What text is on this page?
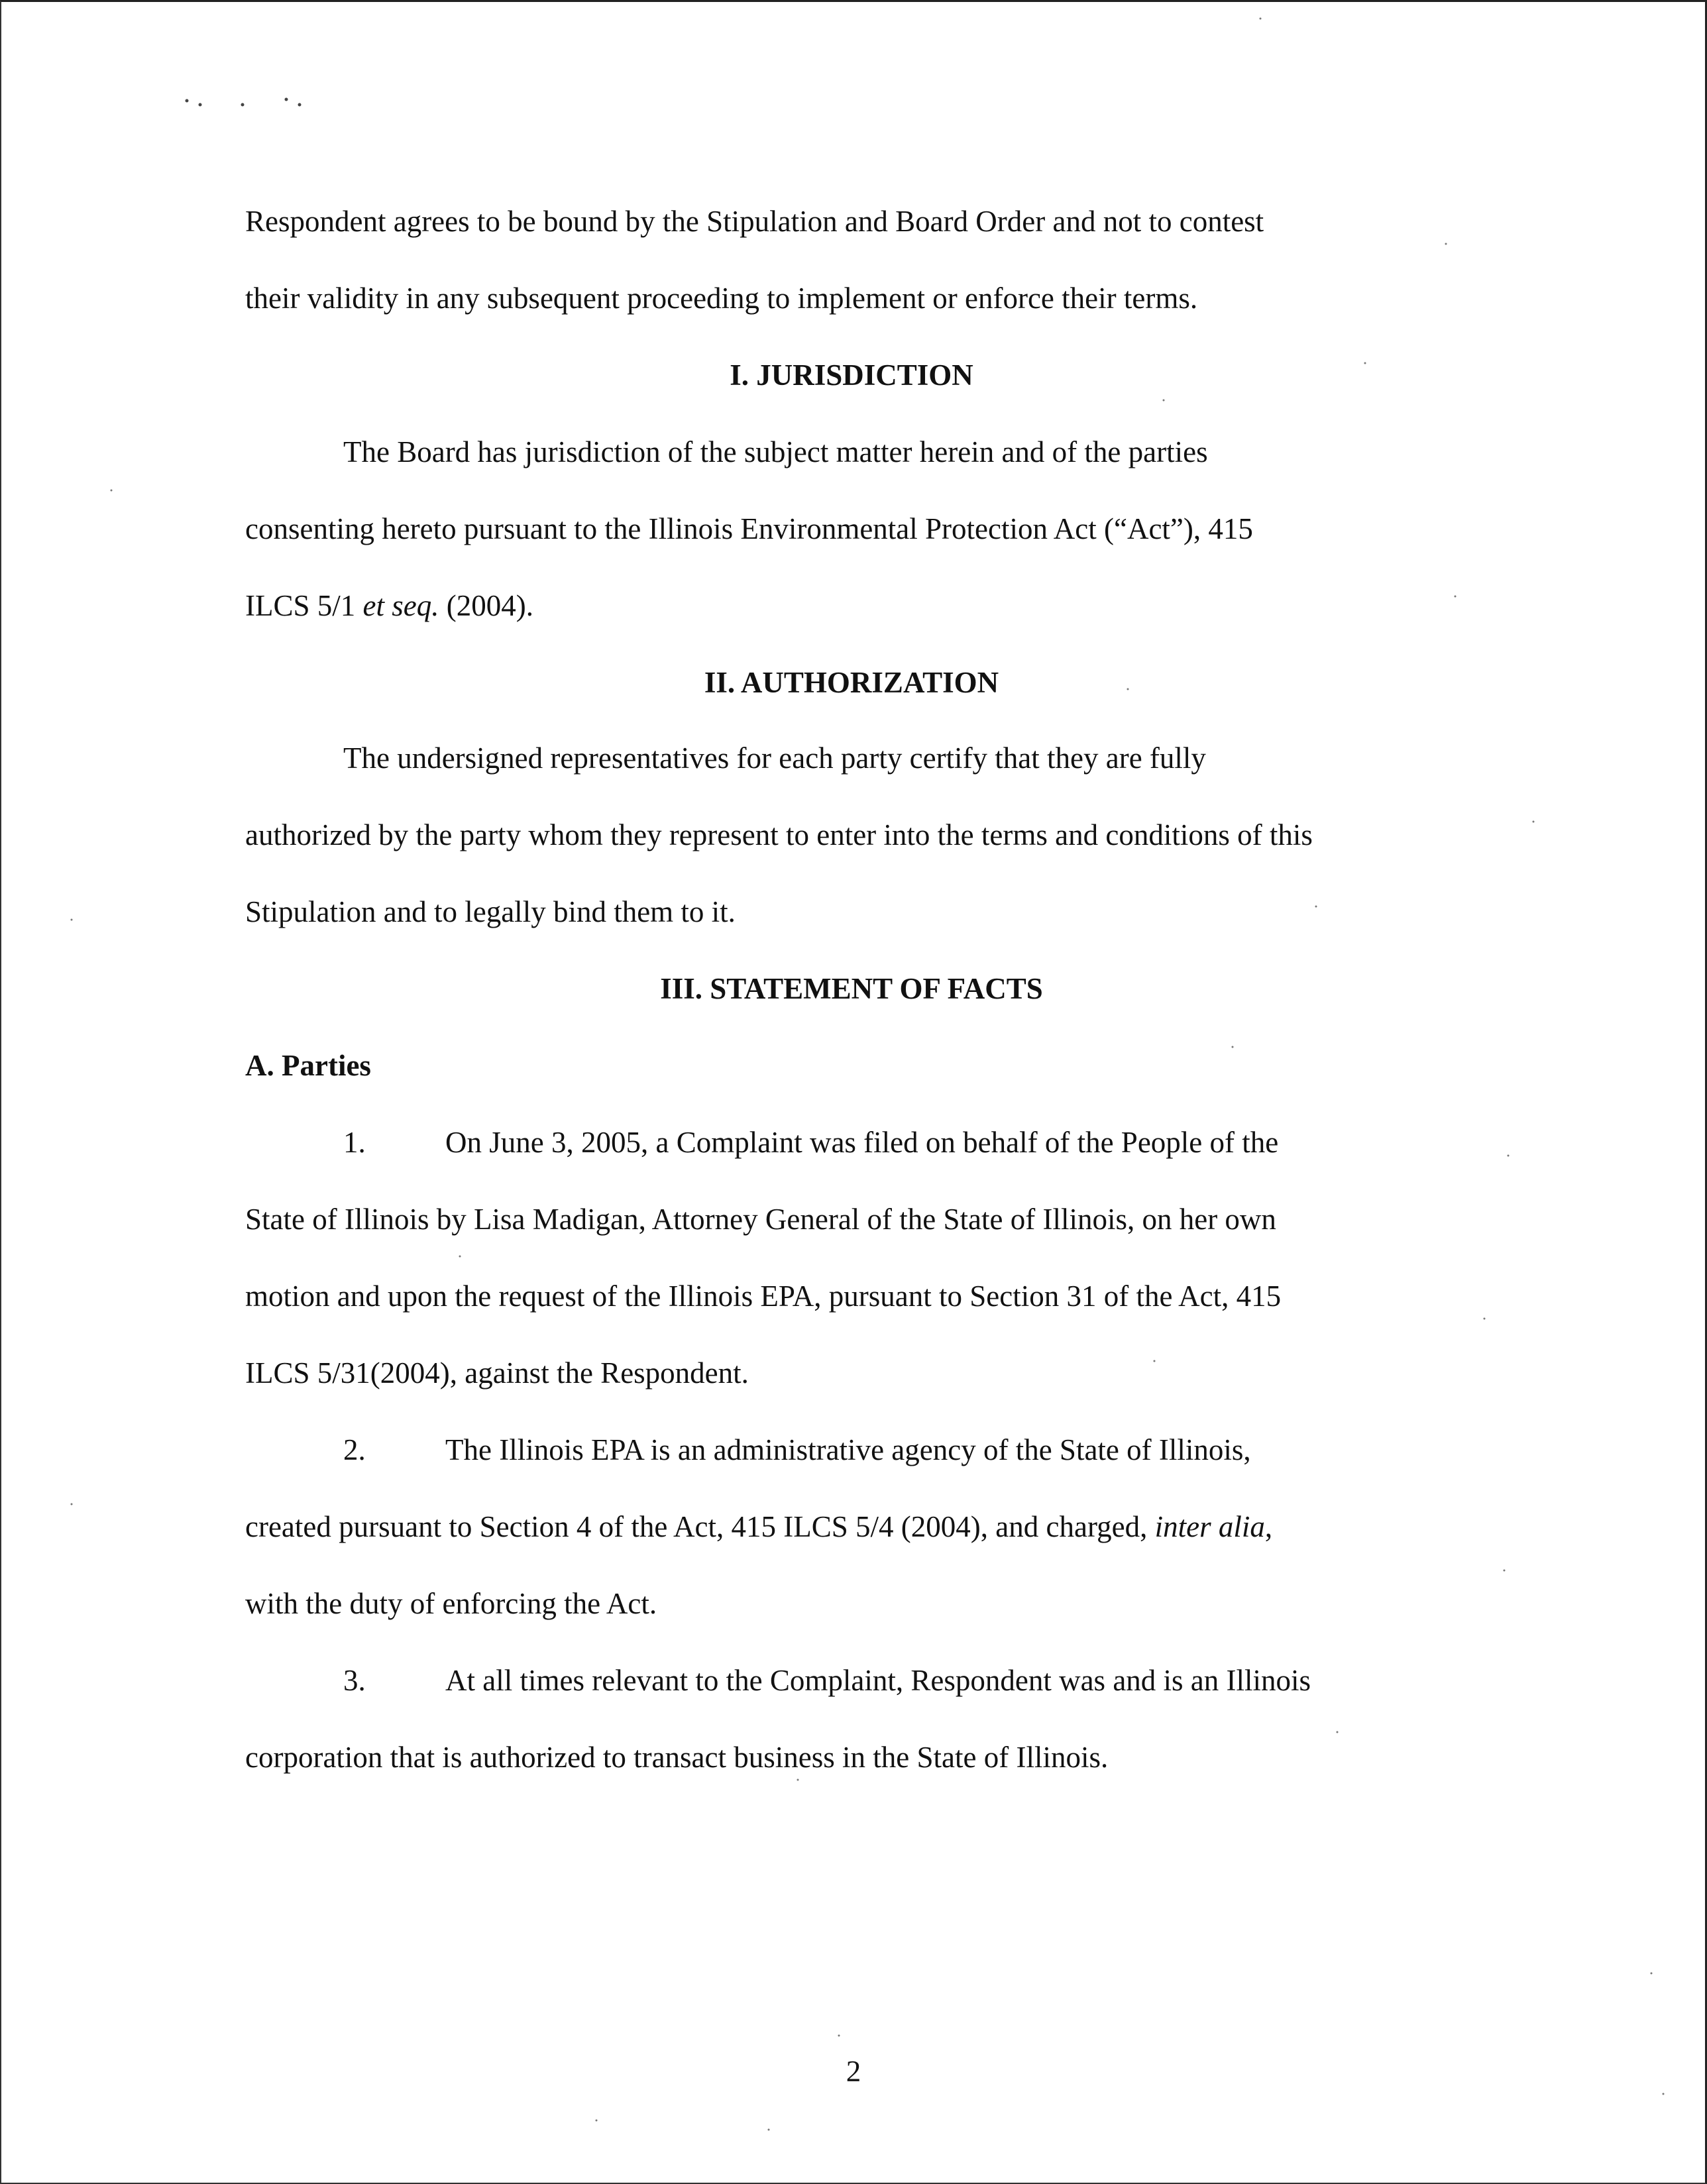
Respondent agrees to be bound by the Stipulation and Board Order and not to contest
their validity in any subsequent proceeding to implement or enforce their terms.
I. JURISDICTION
The Board has jurisdiction of the subject matter herein and of the parties
consenting hereto pursuant to the Illinois Environmental Protection Act (“Act”), 415
ILCS 5/1 et seq. (2004).
II. AUTHORIZATION
The undersigned representatives for each party certify that they are fully
authorized by the party whom they represent to enter into the terms and conditions of this
Stipulation and to legally bind them to it.
III. STATEMENT OF FACTS
A. Parties
1.	On June 3, 2005, a Complaint was filed on behalf of the People of the
State of Illinois by Lisa Madigan, Attorney General of the State of Illinois, on her own
motion and upon the request of the Illinois EPA, pursuant to Section 31 of the Act, 415
ILCS 5/31(2004), against the Respondent.
2.	The Illinois EPA is an administrative agency of the State of Illinois,
created pursuant to Section 4 of the Act, 415 ILCS 5/4 (2004), and charged, inter alia,
with the duty of enforcing the Act.
3.	At all times relevant to the Complaint, Respondent was and is an Illinois
corporation that is authorized to transact business in the State of Illinois.
2
